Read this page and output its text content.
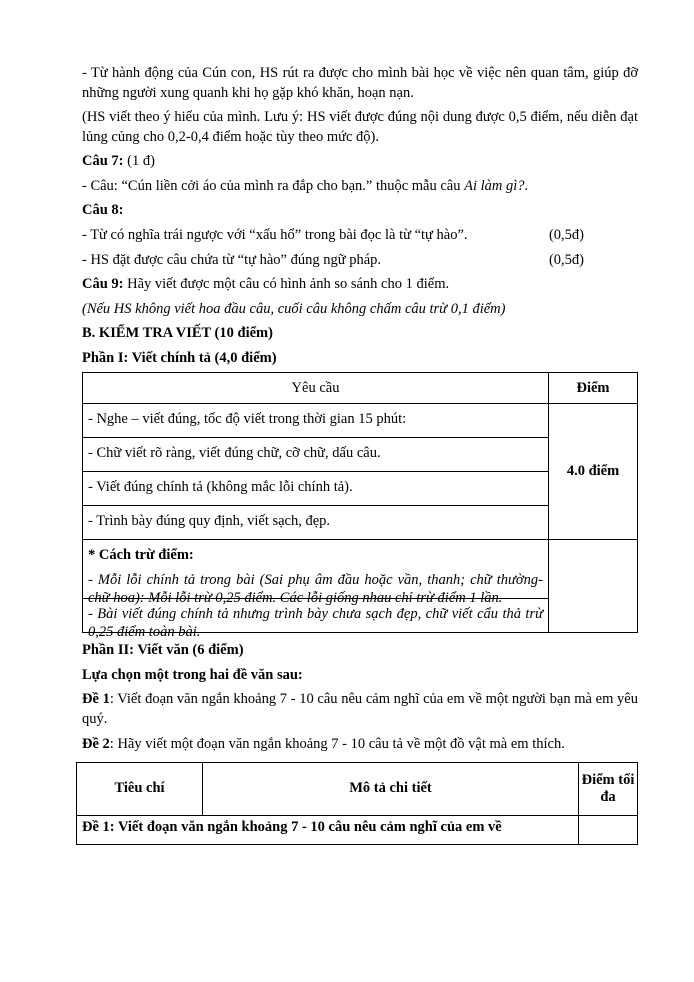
- Từ hành động của Cún con, HS rút ra được cho mình bài học về việc nên quan tâm, giúp đỡ những người xung quanh khi họ gặp khó khăn, hoạn nạn.

(HS viết theo ý hiểu của mình. Lưu ý: HS viết được đúng nội dung được 0,5 điểm, nếu diễn đạt lủng củng cho 0,2-0,4 điểm hoặc tùy theo mức độ).

Câu 7: (1 đ)

- Câu: “Cún liền cởi áo của mình ra đắp cho bạn.” thuộc mẫu câu Ai làm gì?.

Câu 8:

- Từ có nghĩa trái ngược với “xấu hổ” trong bài đọc là từ “tự hào”.	(0,5đ)
- HS đặt được câu chứa từ “tự hào” đúng ngữ pháp.	(0,5đ)

Câu 9: Hãy viết được một câu có hình ảnh so sánh cho 1 điểm.

(Nếu HS không viết hoa đầu câu, cuối câu không chấm câu trừ 0,1 điểm)

B. KIỂM TRA VIẾT (10 điểm)

Phần I: Viết chính tả (4,0 điểm)

Yêu cầu	Điểm

- Nghe – viết đúng, tốc độ viết trong thời gian 15 phút:
- Chữ viết rõ ràng, viết đúng chữ, cỡ chữ, dấu câu.
- Viết đúng chính tả (không mắc lỗi chính tả).
- Trình bày đúng quy định, viết sạch, đẹp.	4.0 điểm

* Cách trừ điểm:
- Mỗi lỗi chính tả trong bài (Sai phụ âm đầu hoặc vần, thanh; chữ thường-chữ hoa): Mỗi lỗi trừ 0,25 điểm. Các lỗi giống nhau chỉ trừ điểm 1 lần.
- Bài viết đúng chính tả nhưng trình bày chưa sạch đẹp, chữ viết cẩu thả trừ 0,25 điểm toàn bài.	

Phần II: Viết văn (6 điểm)

Lựa chọn một trong hai đề văn sau:

Đề 1: Viết đoạn văn ngắn khoảng 7 - 10 câu nêu cảm nghĩ của em về một người bạn mà em yêu quý.

Đề 2: Hãy viết một đoạn văn ngắn khoảng 7 - 10 câu tả về một đồ vật mà em thích.

Tiêu chí	Mô tả chi tiết	Điểm tối đa
Đề 1: Viết đoạn văn ngắn khoảng 7 - 10 câu nêu cảm nghĩ của em về		
